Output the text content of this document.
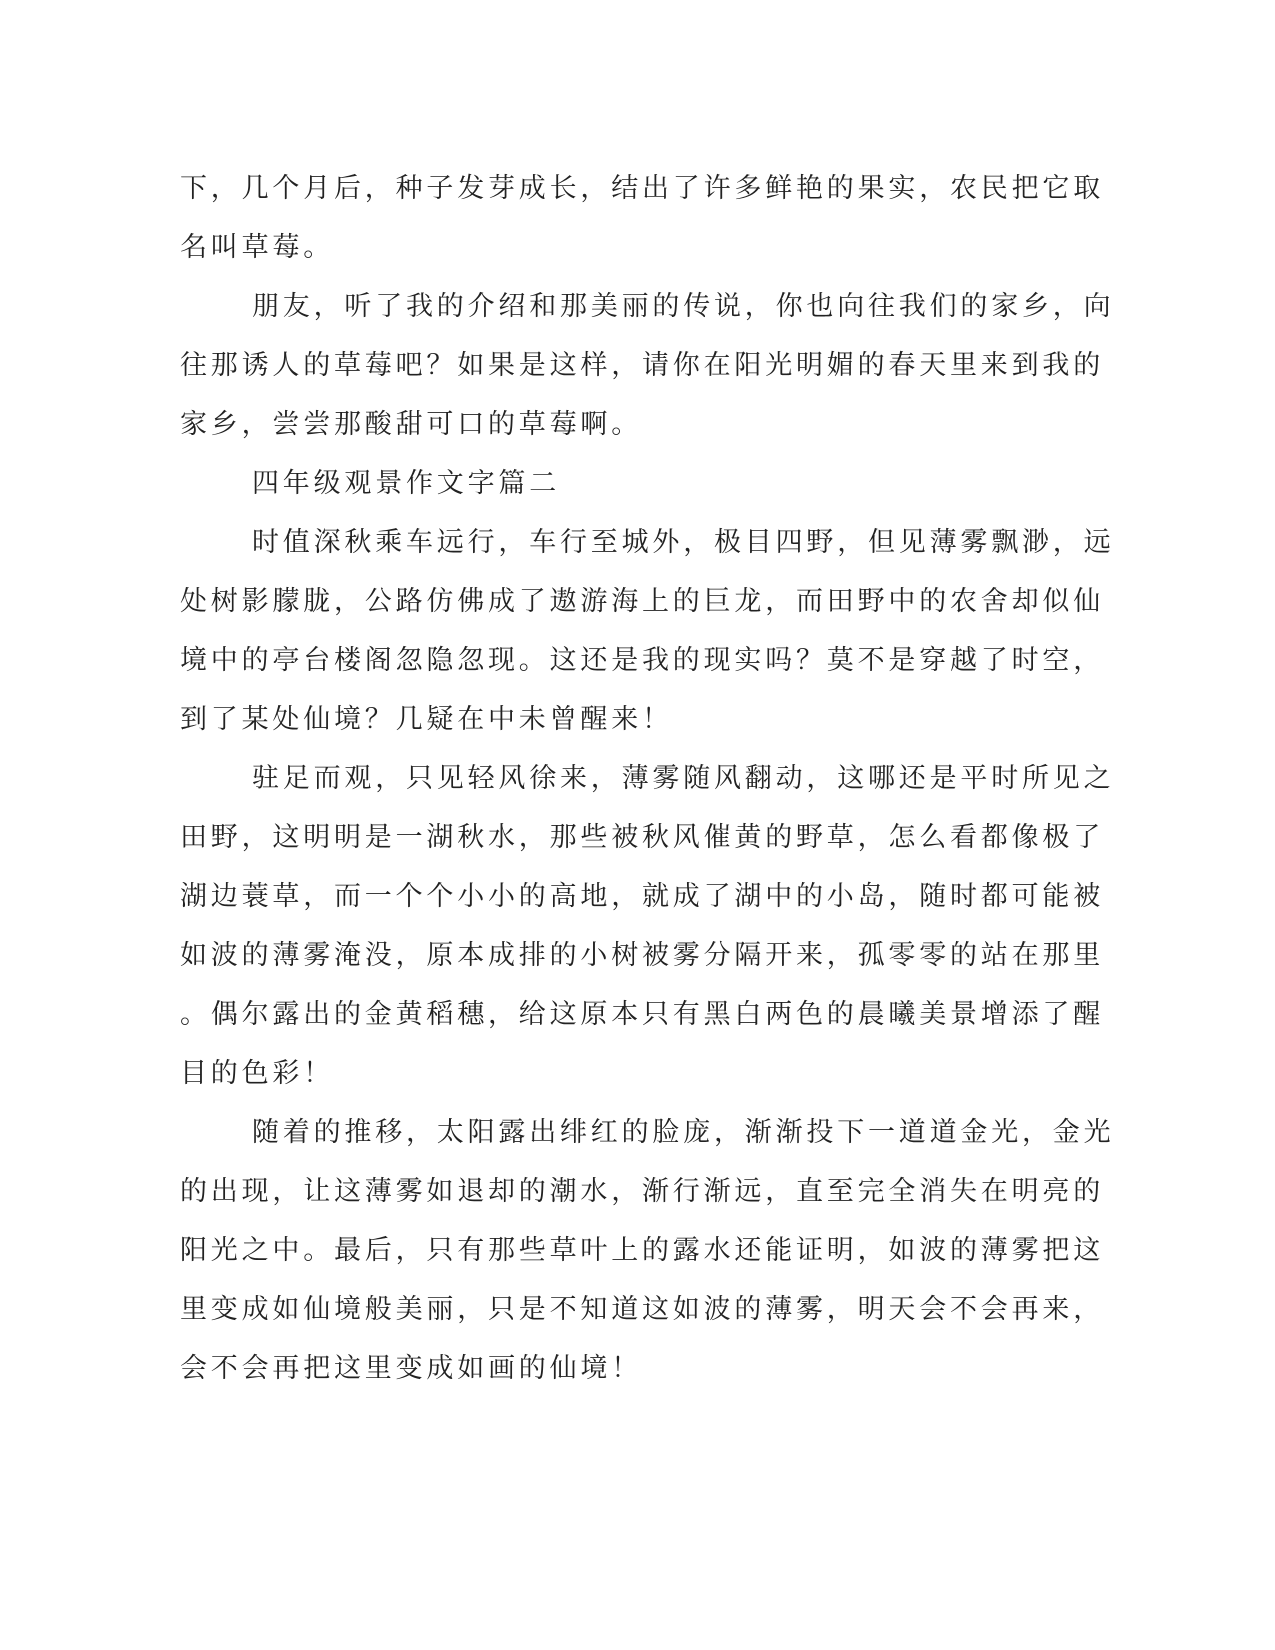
下，几个月后，种子发芽成长，结出了许多鲜艳的果实，农民把它取
名叫草莓。
朋友，听了我的介绍和那美丽的传说，你也向往我们的家乡，向
往那诱人的草莓吧？如果是这样，请你在阳光明媚的春天里来到我的
家乡，尝尝那酸甜可口的草莓啊。
四年级观景作文字篇二
时值深秋乘车远行，车行至城外，极目四野，但见薄雾飘渺，远
处树影朦胧，公路仿佛成了遨游海上的巨龙，而田野中的农舍却似仙
境中的亭台楼阁忽隐忽现。这还是我的现实吗？莫不是穿越了时空，
到了某处仙境？几疑在中未曾醒来！
驻足而观，只见轻风徐来，薄雾随风翻动，这哪还是平时所见之
田野，这明明是一湖秋水，那些被秋风催黄的野草，怎么看都像极了
湖边蓑草，而一个个小小的高地，就成了湖中的小岛，随时都可能被
如波的薄雾淹没，原本成排的小树被雾分隔开来，孤零零的站在那里
。偶尔露出的金黄稻穗，给这原本只有黑白两色的晨曦美景增添了醒
目的色彩！
随着的推移，太阳露出绯红的脸庞，渐渐投下一道道金光，金光
的出现，让这薄雾如退却的潮水，渐行渐远，直至完全消失在明亮的
阳光之中。最后，只有那些草叶上的露水还能证明，如波的薄雾把这
里变成如仙境般美丽，只是不知道这如波的薄雾，明天会不会再来，
会不会再把这里变成如画的仙境！
